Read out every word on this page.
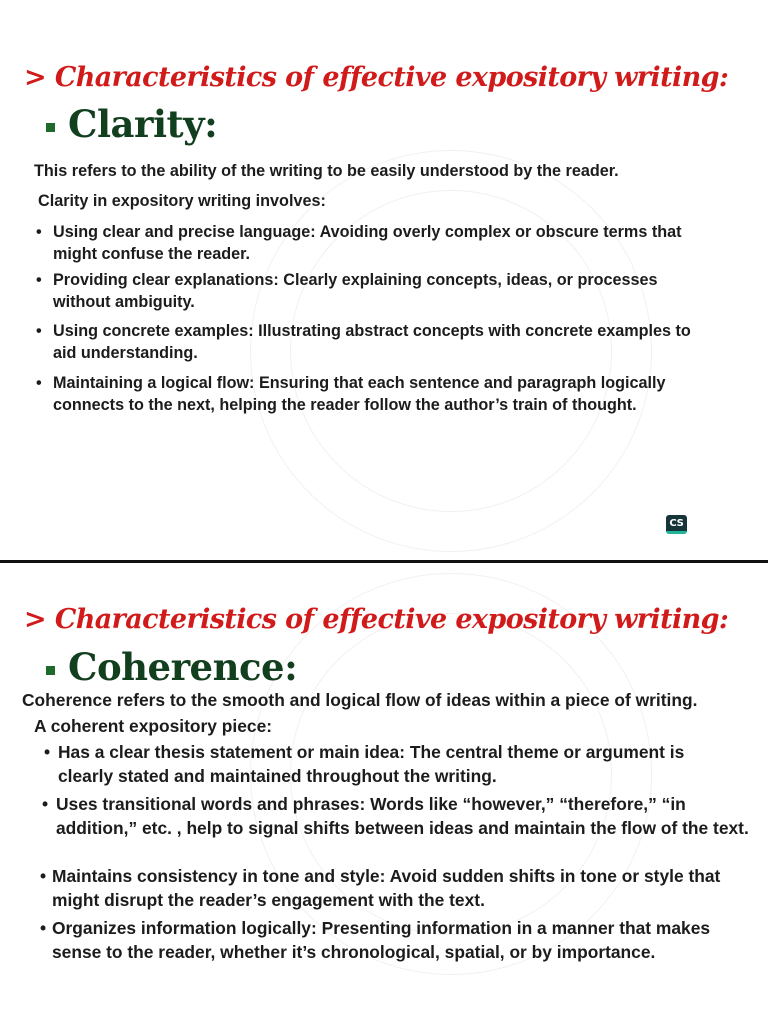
> Characteristics of effective expository writing:
Clarity:

This refers to the ability of the writing to be easily understood by the reader.

Clarity in expository writing involves:

• Using clear and precise language: Avoiding overly complex or obscure terms that might confuse the reader.
• Providing clear explanations: Clearly explaining concepts, ideas, or processes without ambiguity.
• Using concrete examples: Illustrating abstract concepts with concrete examples to aid understanding.
• Maintaining a logical flow: Ensuring that each sentence and paragraph logically connects to the next, helping the reader follow the author’s train of thought.
CS
> Characteristics of effective expository writing:
Coherence:

Coherence refers to the smooth and logical flow of ideas within a piece of writing.

A coherent expository piece:

• Has a clear thesis statement or main idea: The central theme or argument is clearly stated and maintained throughout the writing.
• Uses transitional words and phrases: Words like “however,” “therefore,” “in addition,” etc. , help to signal shifts between ideas and maintain the flow of the text.
• Maintains consistency in tone and style: Avoid sudden shifts in tone or style that might disrupt the reader’s engagement with the text.
• Organizes information logically: Presenting information in a manner that makes sense to the reader, whether it’s chronological, spatial, or by importance.
